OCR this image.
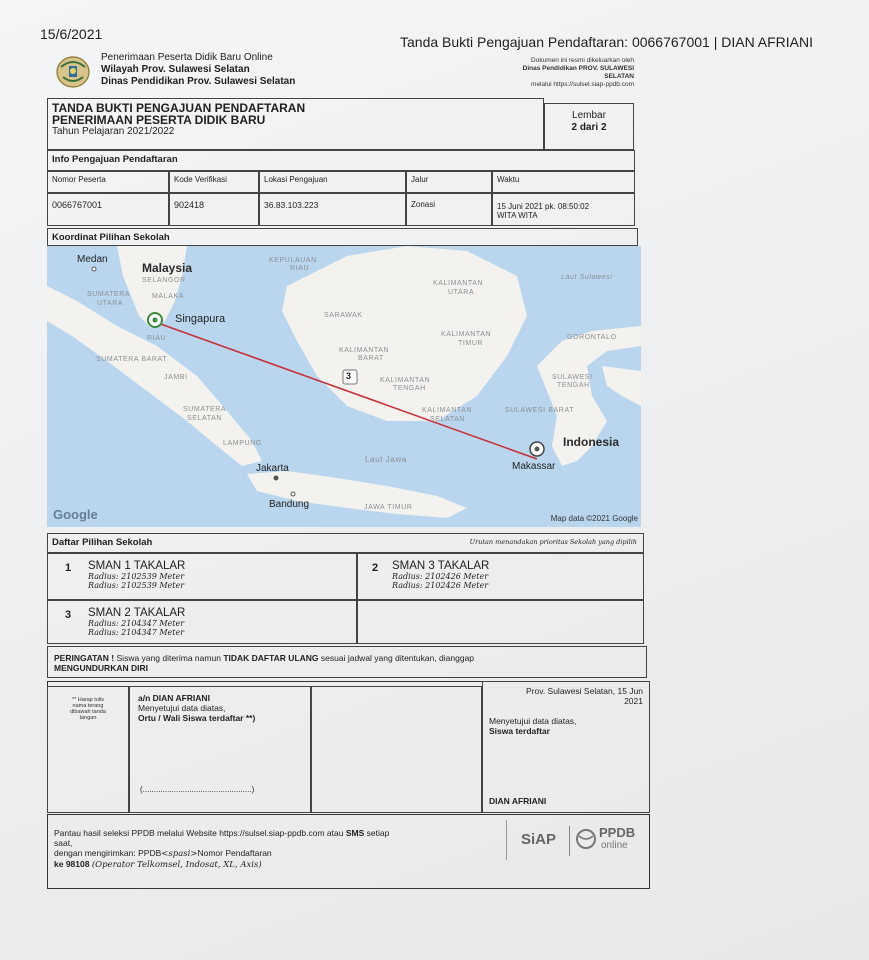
15/6/2021	Tanda Bukti Pengajuan Pendaftaran: 0066767001 | DIAN AFRIANI
Penerimaan Peserta Didik Baru Online
Wilayah Prov. Sulawesi Selatan
Dinas Pendidikan Prov. Sulawesi Selatan
Dokumen ini resmi dikeluarkan oleh
Dinas Pendidikan PROV. SULAWESI
SELATAN
melalui https://sulsel.siap-ppdb.com
TANDA BUKTI PENGAJUAN PENDAFTARAN
PENERIMAAN PESERTA DIDIK BARU
Tahun Pelajaran 2021/2022
Lembar
2 dari 2
Info Pengajuan Pendaftaran
Nomor Peserta	Kode Verifikasi	Lokasi Pengajuan	Jalur	Waktu
0066767001	902418	36.83.103.223	Zonasi	15 Juni 2021 pk. 08:50:02
WITA WITA
Koordinat Pilihan Sekolah
KEPULAUAN
RIAU
SELANGOR
SUMATERA
UTARA
MALAKA
RIAU
SARAWAK
KALIMANTAN
UTARA
KALIMANTAN
TIMUR
KALIMANTAN
BARAT
KALIMANTAN
TENGAH
KALIMANTAN
SELATAN
SUMATERA BARAT
JAMBI
SUMATERA
SELATAN
LAMPUNG
SULAWESI BARAT
SULAWESI
TENGAH
GORONTALO
Laut Sulawesi
JAWA TIMUR
Medan
Singapura
Jakarta
Bandung
Makassar
Malaysia
Indonesia
Laut Jawa
3
Google	Map data ©2021 Google
Daftar Pilihan Sekolah	Urutan menandakan prioritas Sekolah yang dipilih
1 SMAN 1 TAKALAR
Radius: 2102539 Meter
Radius: 2102539 Meter
2 SMAN 3 TAKALAR
Radius: 2102426 Meter
Radius: 2102426 Meter
3 SMAN 2 TAKALAR
Radius: 2104347 Meter
Radius: 2104347 Meter
PERINGATAN ! Siswa yang diterima namun TIDAK DAFTAR ULANG sesuai jadwal yang ditentukan, dianggap
MENGUNDURKAN DIRI
** Harap tulis
nama terang
dibawah tanda
tangan
a/n DIAN AFRIANI
Menyetujui data diatas,
Ortu / Wali Siswa terdaftar **)
(.................................................)
Prov. Sulawesi Selatan, 15 Jun
2021
Menyetujui data diatas,
Siswa terdaftar
DIAN AFRIANI
Pantau hasil seleksi PPDB melalui Website https://sulsel.siap-ppdb.com atau SMS setiap
saat,
dengan mengirimkan: PPDB<spasi>Nomor Pendaftaran
ke 98108 (Operator Telkomsel, Indosat, XL, Axis)
SiAP	PPDB
online
